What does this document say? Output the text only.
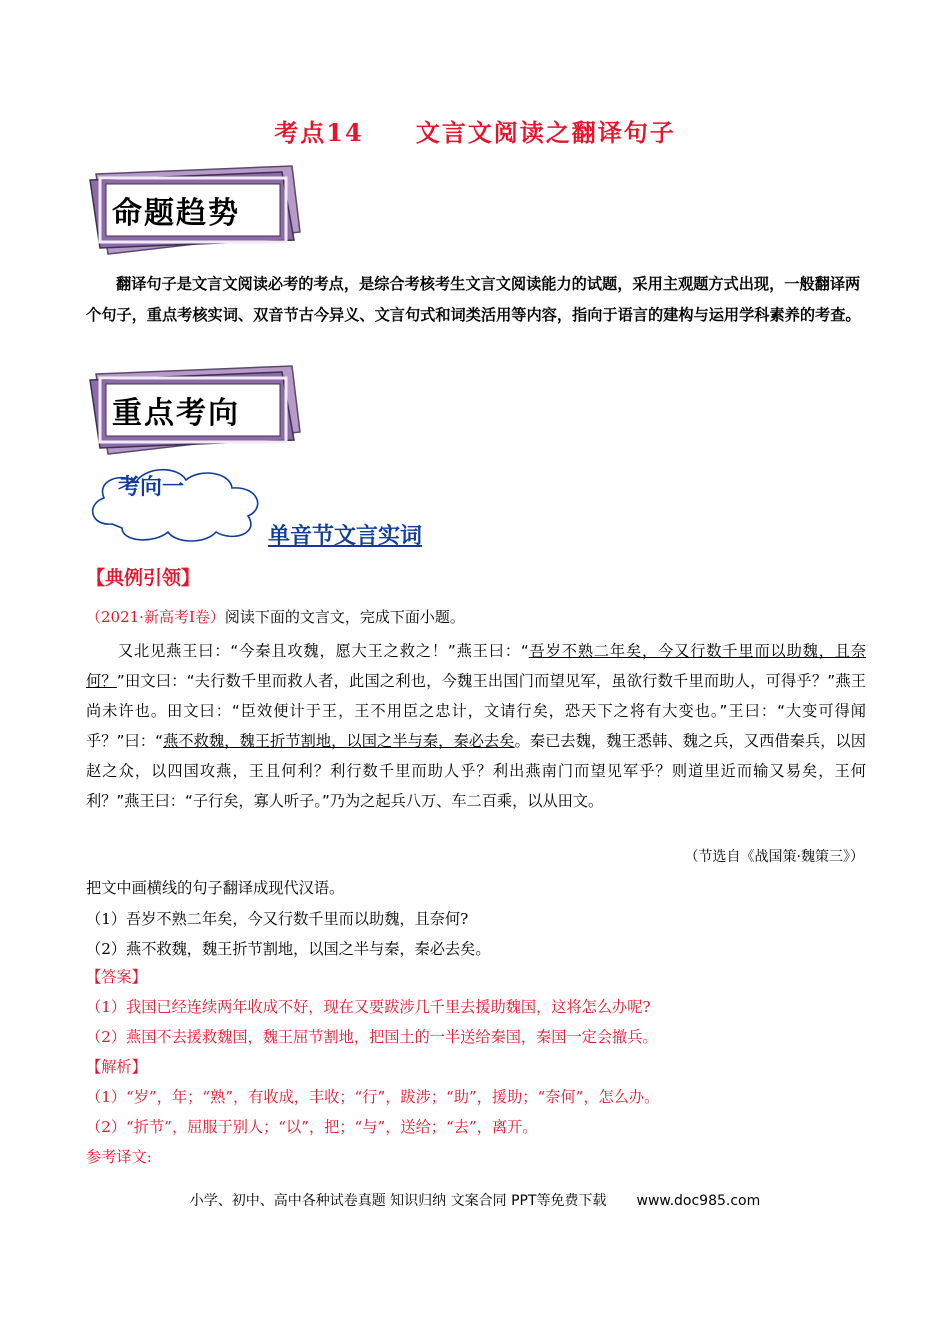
考点14 文言文阅读之翻译句子
命题趋势
翻译句子是文言文阅读必考的考点，是综合考核考生文言文阅读能力的试题，采用主观题方式出现，一般翻译两个句子，重点考核实词、双音节古今异义、文言句式和词类活用等内容，指向于语言的建构与运用学科素养的考查。
重点考向
考向一
单音节文言实词
【典例引领】
（2021·新高考Ⅰ卷）阅读下面的文言文，完成下面小题。
又北见燕王曰：“今秦且攻魏，愿大王之救之！”燕王曰：“吾岁不熟二年矣，今又行数千里而以助魏，且奈何？”田文曰：“夫行数千里而救人者，此国之利也，今魏王出国门而望见军，虽欲行数千里而助人，可得乎？”燕王尚未许也。田文曰：“臣效便计于王，王不用臣之忠计，文请行矣，恐天下之将有大变也。”王曰：“大变可得闻乎？”曰：“燕不救魏，魏王折节割地，以国之半与秦，秦必去矣。秦已去魏，魏王悉韩、魏之兵，又西借秦兵，以因赵之众，以四国攻燕，王且何利？利行数千里而助人乎？利出燕南门而望见军乎？则道里近而输又易矣，王何利？”燕王曰：“子行矣，寡人听子。”乃为之起兵八万、车二百乘，以从田文。
（节选自《战国策·魏策三》）
把文中画横线的句子翻译成现代汉语。
（1）吾岁不熟二年矣，今又行数千里而以助魏，且奈何?
（2）燕不救魏，魏王折节割地，以国之半与秦，秦必去矣。
【答案】
（1）我国已经连续两年收成不好，现在又要跋涉几千里去援助魏国，这将怎么办呢?
（2）燕国不去援救魏国，魏王屈节割地，把国土的一半送给秦国，秦国一定会撤兵。
【解析】
（1）“岁”，年；“熟”，有收成，丰收；“行”，跋涉；“助”，援助；“奈何”，怎么办。
（2）“折节”，屈服于别人；“以”，把；“与”，送给；“去”，离开。
参考译文:
小学、初中、高中各种试卷真题 知识归纳 文案合同 PPT等免费下载 www.doc985.com
